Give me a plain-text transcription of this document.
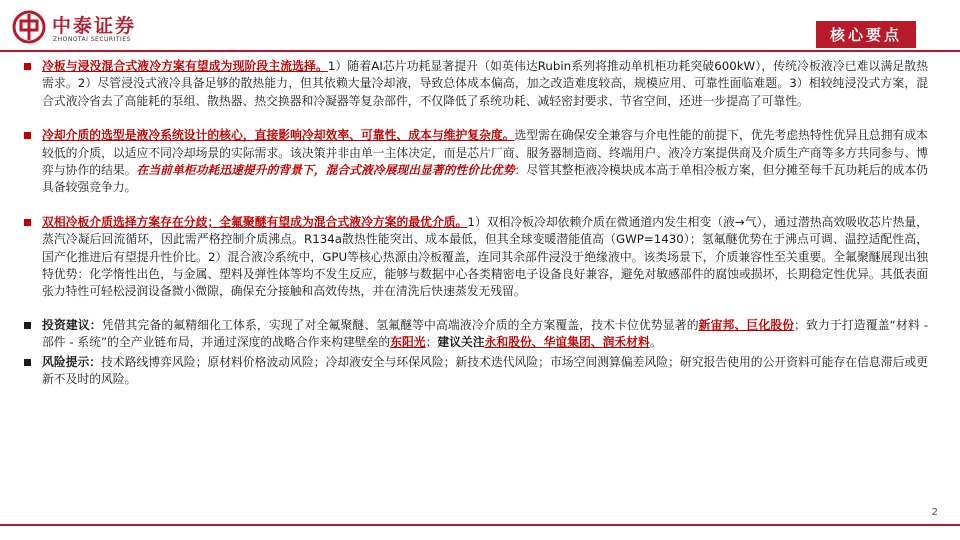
中泰证券
ZHONGTAI SECURITIES	核心要点
冷板与浸没混合式液冷方案有望成为现阶段主流选择。1）随着AI芯片功耗显著提升（如英伟达Rubin系列将推动单机柜功耗突破600kW），传统冷板液冷已难以满足散热需求。2）尽管浸没式液冷具备足够的散热能力，但其依赖大量冷却液，导致总体成本偏高，加之改造难度较高，规模应用、可靠性面临难题。3）相较纯浸没式方案，混合式液冷省去了高能耗的泵组、散热器、热交换器和冷凝器等复杂部件，不仅降低了系统功耗、减轻密封要求、节省空间，还进一步提高了可靠性。
冷却介质的选型是液冷系统设计的核心，直接影响冷却效率、可靠性、成本与维护复杂度。选型需在确保安全兼容与介电性能的前提下，优先考虑热特性优异且总拥有成本较低的介质，以适应不同冷却场景的实际需求。该决策并非由单一主体决定，而是芯片厂商、服务器制造商、终端用户、液冷方案提供商及介质生产商等多方共同参与、博弈与协作的结果。在当前单柜功耗迅速提升的背景下，混合式液冷展现出显著的性价比优势：尽管其整柜液冷模块成本高于单相冷板方案，但分摊至每千瓦功耗后的成本仍具备较强竞争力。
双相冷板介质选择方案存在分歧；全氟聚醚有望成为混合式液冷方案的最优介质。1）双相冷板冷却依赖介质在微通道内发生相变（液→气），通过潜热高效吸收芯片热量，蒸汽冷凝后回流循环，因此需严格控制介质沸点。R134a散热性能突出、成本最低，但其全球变暖潜能值高（GWP=1430）；氢氟醚优势在于沸点可调、温控适配性高，国产化推进后有望提升性价比。2）混合液冷系统中，GPU等核心热源由冷板覆盖，连同其余部件浸没于绝缘液中。该类场景下，介质兼容性至关重要。全氟聚醚展现出独特优势：化学惰性出色，与金属、塑料及弹性体等均不发生反应，能够与数据中心各类精密电子设备良好兼容，避免对敏感部件的腐蚀或损坏，长期稳定性优异。其低表面张力特性可轻松浸润设备微小微隙，确保充分接触和高效传热，并在清洗后快速蒸发无残留。
投资建议：凭借其完备的氟精细化工体系，实现了对全氟聚醚、氢氟醚等中高端液冷介质的全方案覆盖，技术卡位优势显著的新宙邦、巨化股份；致力于打造覆盖“材料 - 部件 - 系统”的全产业链布局，并通过深度的战略合作来构建壁垒的东阳光；建议关注永和股份、华谊集团、润禾材料。
风险提示：技术路线博弈风险；原材料价格波动风险；冷却液安全与环保风险；新技术迭代风险；市场空间测算偏差风险；研究报告使用的公开资料可能存在信息滞后或更新不及时的风险。
2
